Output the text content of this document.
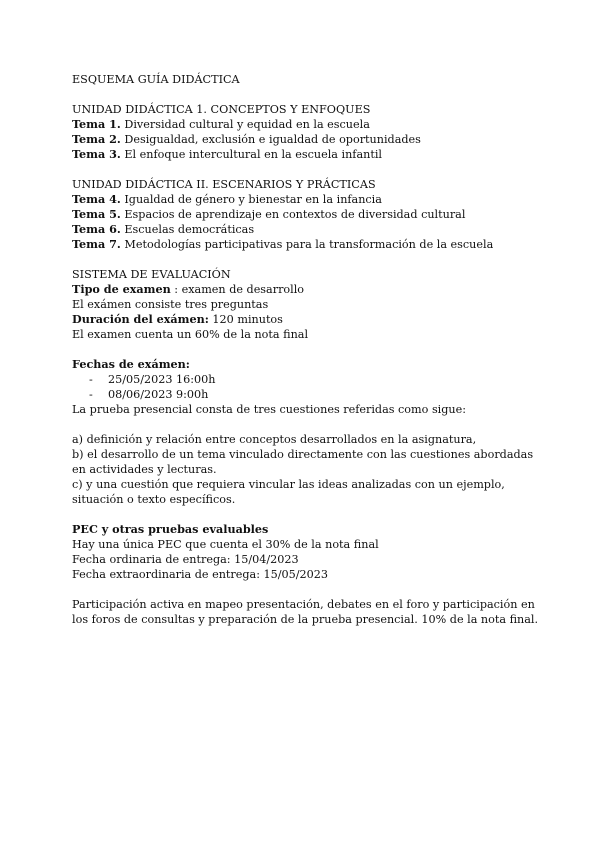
ESQUEMA GUÍA DIDÁCTICA

UNIDAD DIDÁCTICA 1. CONCEPTOS Y ENFOQUES

Tema 1. Diversidad cultural y equidad en la escuela

Tema 2. Desigualdad, exclusión e igualdad de oportunidades

Tema 3. El enfoque intercultural en la escuela infantil

UNIDAD DIDÁCTICA II. ESCENARIOS Y PRÁCTICAS

Tema 4. Igualdad de género y bienestar en la infancia

Tema 5. Espacios de aprendizaje en contextos de diversidad cultural

Tema 6. Escuelas democráticas

Tema 7. Metodologías participativas para la transformación de la escuela

SISTEMA DE EVALUACIÓN

Tipo de examen : examen de desarrollo

El exámen consiste tres preguntas

Duración del exámen: 120 minutos

El examen cuenta un 60% de la nota final

Fechas de exámen:

- 25/05/2023 16:00h
- 08/06/2023 9:00h

La prueba presencial consta de tres cuestiones referidas como sigue:

a) definición y relación entre conceptos desarrollados en la asignatura,

b) el desarrollo de un tema vinculado directamente con las cuestiones abordadas en actividades y lecturas.

c) y una cuestión que requiera vincular las ideas analizadas con un ejemplo, situación o texto específicos.

PEC y otras pruebas evaluables

Hay una única PEC que cuenta el 30% de la nota final

Fecha ordinaria de entrega: 15/04/2023

Fecha extraordinaria de entrega: 15/05/2023

Participación activa en mapeo presentación, debates en el foro y participación en los foros de consultas y preparación de la prueba presencial. 10% de la nota final.
